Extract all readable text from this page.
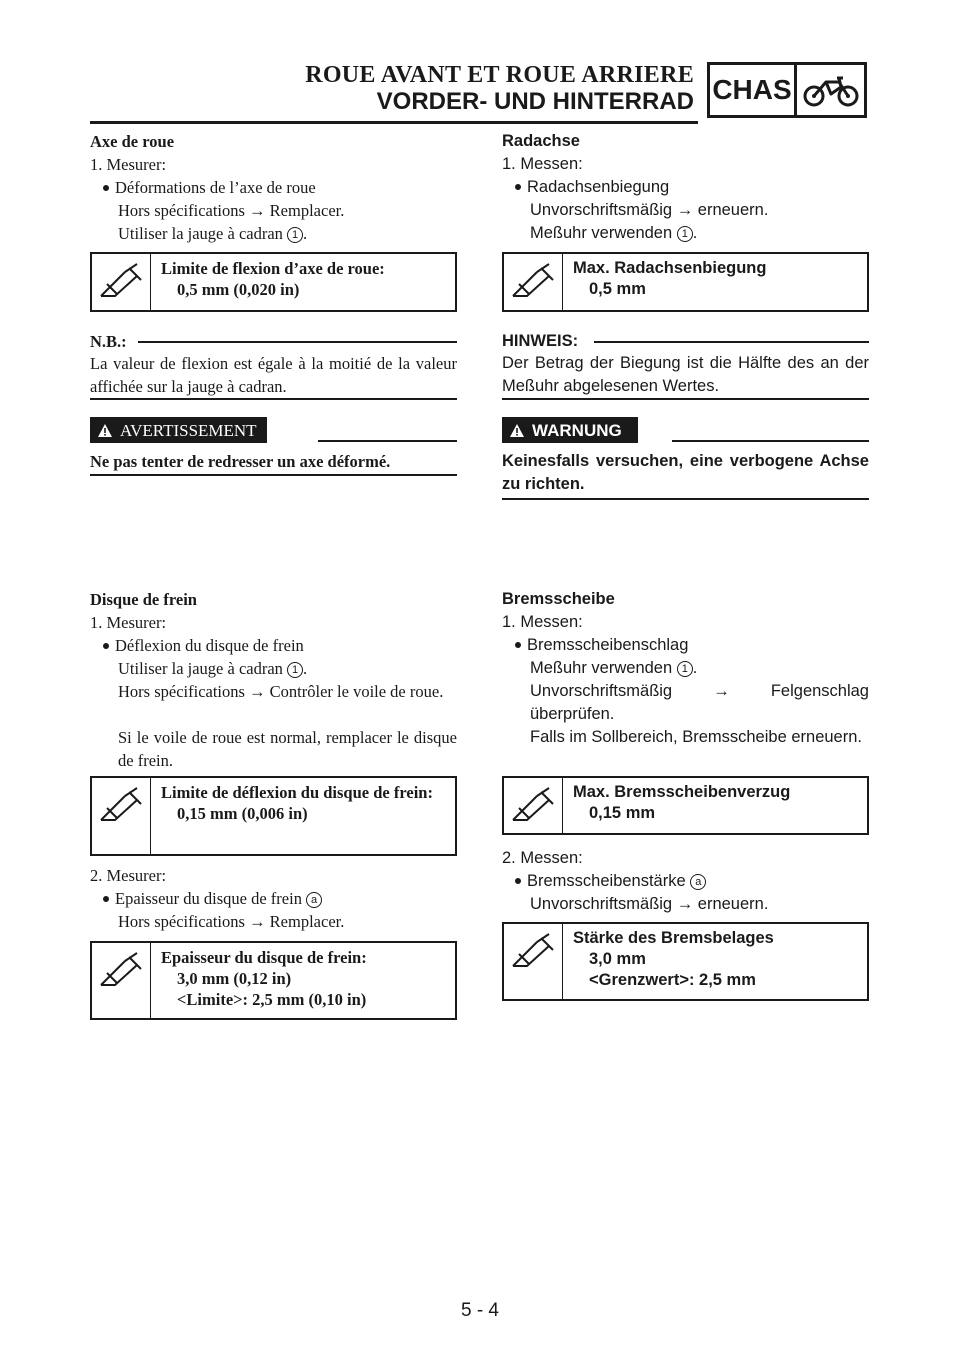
ROUE AVANT ET ROUE ARRIERE
VORDER- UND HINTERRAD CHAS

Axe de roue

1. Mesurer:

Déformations de l’axe de roue

Hors spécifications → Remplacer.

Utiliser la jauge à cadran 1 .

Limite de flexion d’axe de roue:
0,5 mm (0,020 in)

N.B.:

La valeur de flexion est égale à la moitié de la valeur affichée sur la jauge à cadran.

AVERTISSEMENT

Ne pas tenter de redresser un axe déformé.

Disque de frein

1. Mesurer:

Déflexion du disque de frein

Utiliser la jauge à cadran 1 .

Hors spécifications → Contrôler le voile de roue.

Si le voile de roue est normal, remplacer le disque de frein.

Limite de déflexion du disque de frein:
0,15 mm (0,006 in)

2. Mesurer:

Epaisseur du disque de frein a

Hors spécifications → Remplacer.

Epaisseur du disque de frein:
3,0 mm (0,12 in)
<Limite>: 2,5 mm (0,10 in)

Radachse

1. Messen:

Radachsenbiegung

Unvorschriftsmäßig → erneuern.

Meßuhr verwenden 1 .

Max. Radachsenbiegung
0,5 mm

HINWEIS:

Der Betrag der Biegung ist die Hälfte des an der Meßuhr abgelesenen Wertes.

WARNUNG

Keinesfalls versuchen, eine verbogene Achse zu richten.

Bremsscheibe

1. Messen:

Bremsscheibenschlag

Meßuhr verwenden 1 .

Unvorschriftsmäßig → Felgenschlag überprüfen.

Falls im Sollbereich, Bremsscheibe erneuern.

Max. Bremsscheibenverzug
0,15 mm

2. Messen:

Bremsscheibenstärke a

Unvorschriftsmäßig → erneuern.

Stärke des Bremsbelages
3,0 mm
<Grenzwert>: 2,5 mm
5 - 4
